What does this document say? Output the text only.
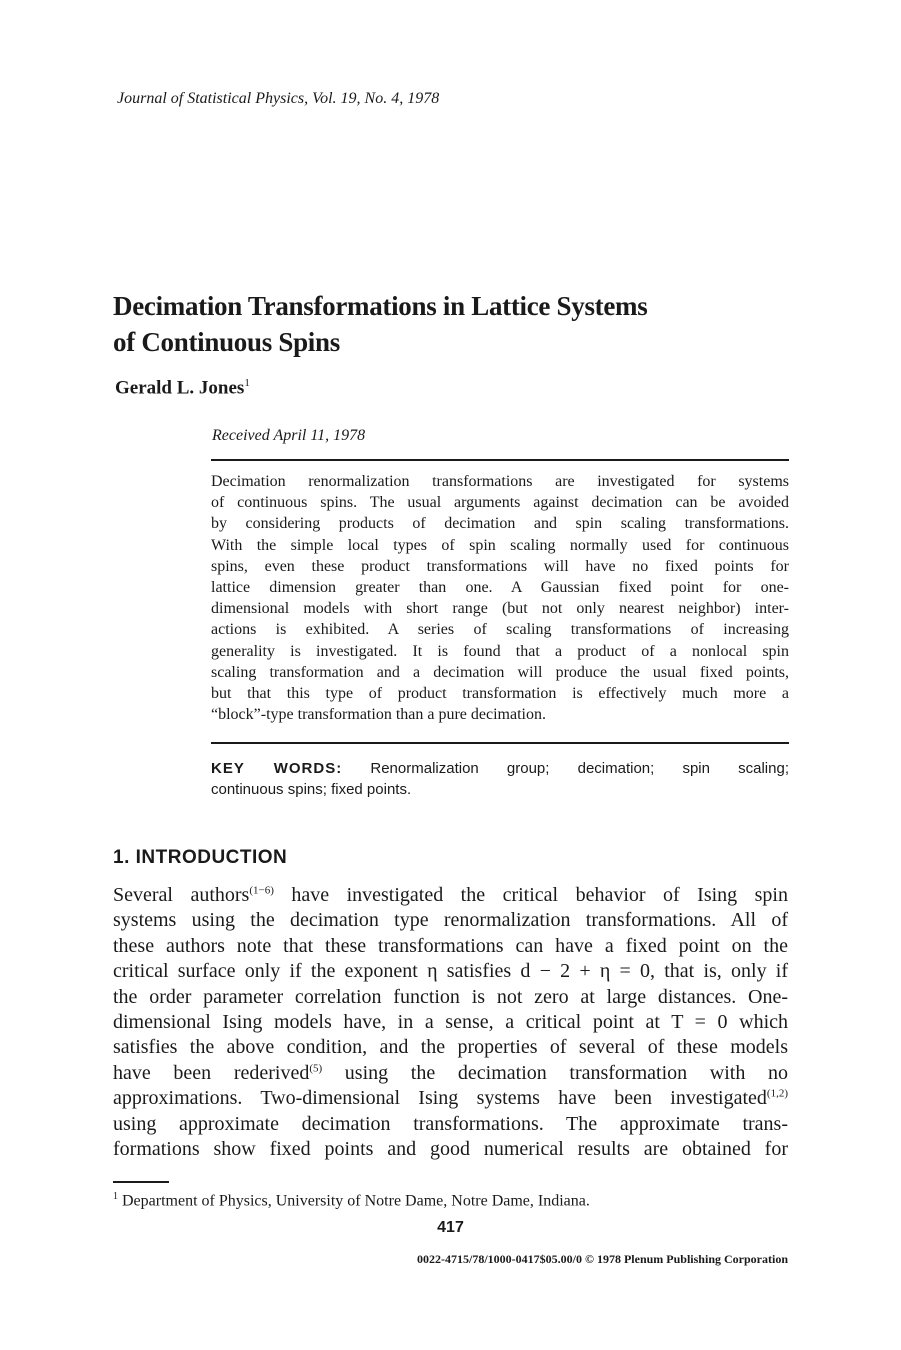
Journal of Statistical Physics, Vol. 19, No. 4, 1978
Decimation Transformations in Lattice Systems
of Continuous Spins
Gerald L. Jones$^1$
Received April 11, 1978
Decimation renormalization transformations are investigated for systems
of continuous spins. The usual arguments against decimation can be avoided
by considering products of decimation and spin scaling transformations.
With the simple local types of spin scaling normally used for continuous
spins, even these product transformations will have no fixed points for
lattice dimension greater than one. A Gaussian fixed point for one-
dimensional models with short range (but not only nearest neighbor) inter-
actions is exhibited. A series of scaling transformations of increasing
generality is investigated. It is found that a product of a nonlocal spin
scaling transformation and a decimation will produce the usual fixed points,
but that this type of product transformation is effectively much more a
“block”-type transformation than a pure decimation.
KEY WORDS: Renormalization group; decimation; spin scaling;
continuous spins; fixed points.
1. INTRODUCTION
Several authors$^{(1-6)}$ have investigated the critical behavior of Ising spin
systems using the decimation type renormalization transformations. All of
these authors note that these transformations can have a fixed point on the
critical surface only if the exponent η satisfies d − 2 + η = 0, that is, only if
the order parameter correlation function is not zero at large distances. One-
dimensional Ising models have, in a sense, a critical point at T = 0 which
satisfies the above condition, and the properties of several of these models
have been rederived$^{(5)}$ using the decimation transformation with no
approximations. Two-dimensional Ising systems have been investigated$^{(1,2)}$
using approximate decimation transformations. The approximate trans-
formations show fixed points and good numerical results are obtained for
$^1$ Department of Physics, University of Notre Dame, Notre Dame, Indiana.
417
0022-4715/78/1000-0417$05.00/0 © 1978 Plenum Publishing Corporation
